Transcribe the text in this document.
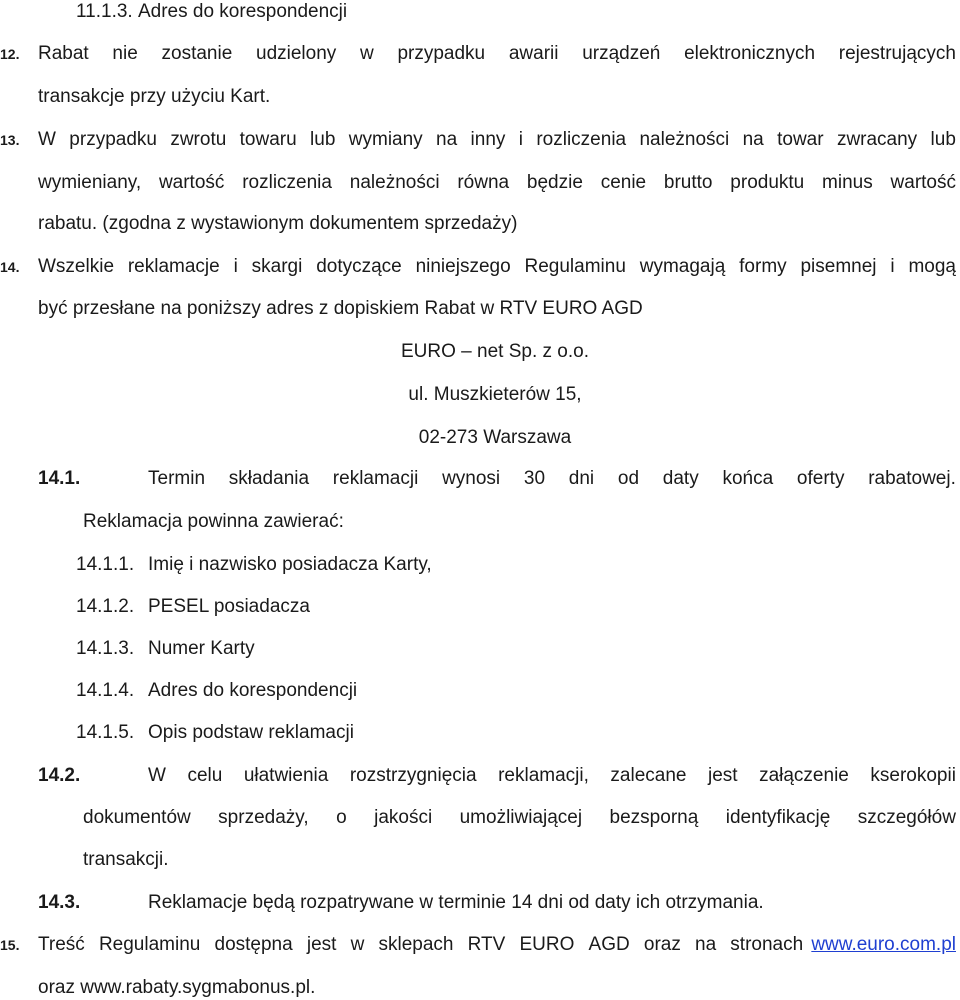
11.1.3. Adres do korespondencji
12. Rabat nie zostanie udzielony w przypadku awarii urządzeń elektronicznych rejestrujących
transakcje przy użyciu Kart.
13. W przypadku zwrotu towaru lub wymiany na inny i rozliczenia należności na towar zwracany lub
wymieniany, wartość rozliczenia należności równa będzie cenie brutto produktu minus wartość
rabatu. (zgodna z wystawionym dokumentem sprzedaży)
14. Wszelkie reklamacje i skargi dotyczące niniejszego Regulaminu wymagają formy pisemnej i mogą
być przesłane na poniższy adres z dopiskiem Rabat w RTV EURO AGD
EURO – net Sp. z o.o.
ul. Muszkieterów 15,
02-273 Warszawa
14.1.	Termin składania reklamacji wynosi 30 dni od daty końca oferty rabatowej.
Reklamacja powinna zawierać:
14.1.1. Imię i nazwisko posiadacza Karty,
14.1.2. PESEL posiadacza
14.1.3. Numer Karty
14.1.4. Adres do korespondencji
14.1.5. Opis podstaw reklamacji
14.2.	W celu ułatwienia rozstrzygnięcia reklamacji, zalecane jest załączenie kserokopii
dokumentów sprzedaży, o jakości umożliwiającej bezsporną identyfikację szczegółów
transakcji.
14.3.	Reklamacje będą rozpatrywane w terminie 14 dni od daty ich otrzymania.
15. Treść Regulaminu dostępna jest w sklepach RTV EURO AGD oraz na stronach www.euro.com.pl
oraz www.rabaty.sygmabonus.pl.
